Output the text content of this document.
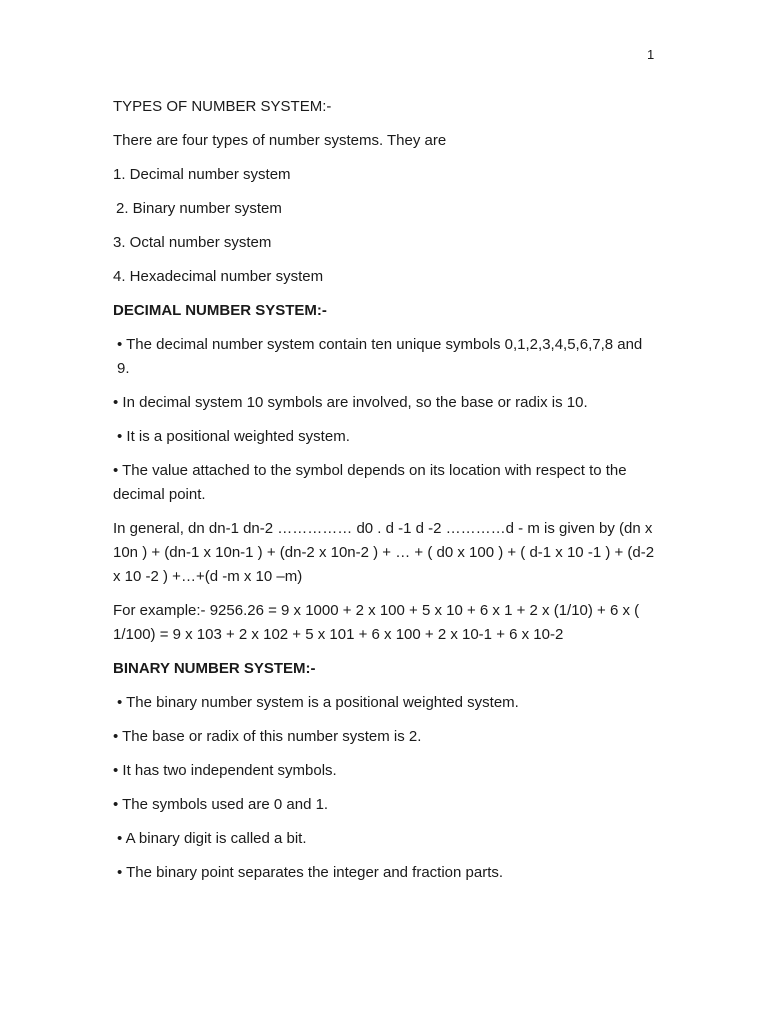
1

TYPES OF NUMBER SYSTEM:-

There are four types of number systems. They are

1. Decimal number system

2. Binary number system

3. Octal number system

4. Hexadecimal number system

DECIMAL NUMBER SYSTEM:-

• The decimal number system contain ten unique symbols 0,1,2,3,4,5,6,7,8 and 9.

• In decimal system 10 symbols are involved, so the base or radix is 10.

• It is a positional weighted system.

• The value attached to the symbol depends on its location with respect to the decimal point.

In general, dn dn-1 dn-2 …………… d0 . d -1 d -2 …………d - m is given by (dn x 10n ) + (dn-1 x 10n-1 ) + (dn-2 x 10n-2 ) + … + ( d0 x 100 ) + ( d-1 x 10 -1 ) + (d-2 x 10 -2 ) +…+(d -m x 10 –m)

For example:- 9256.26 = 9 x 1000 + 2 x 100 + 5 x 10 + 6 x 1 + 2 x (1/10) + 6 x ( 1/100) = 9 x 103 + 2 x 102 + 5 x 101 + 6 x 100 + 2 x 10-1 + 6 x 10-2

BINARY NUMBER SYSTEM:-

• The binary number system is a positional weighted system.

• The base or radix of this number system is 2.

• It has two independent symbols.

• The symbols used are 0 and 1.

• A binary digit is called a bit.

• The binary point separates the integer and fraction parts.
